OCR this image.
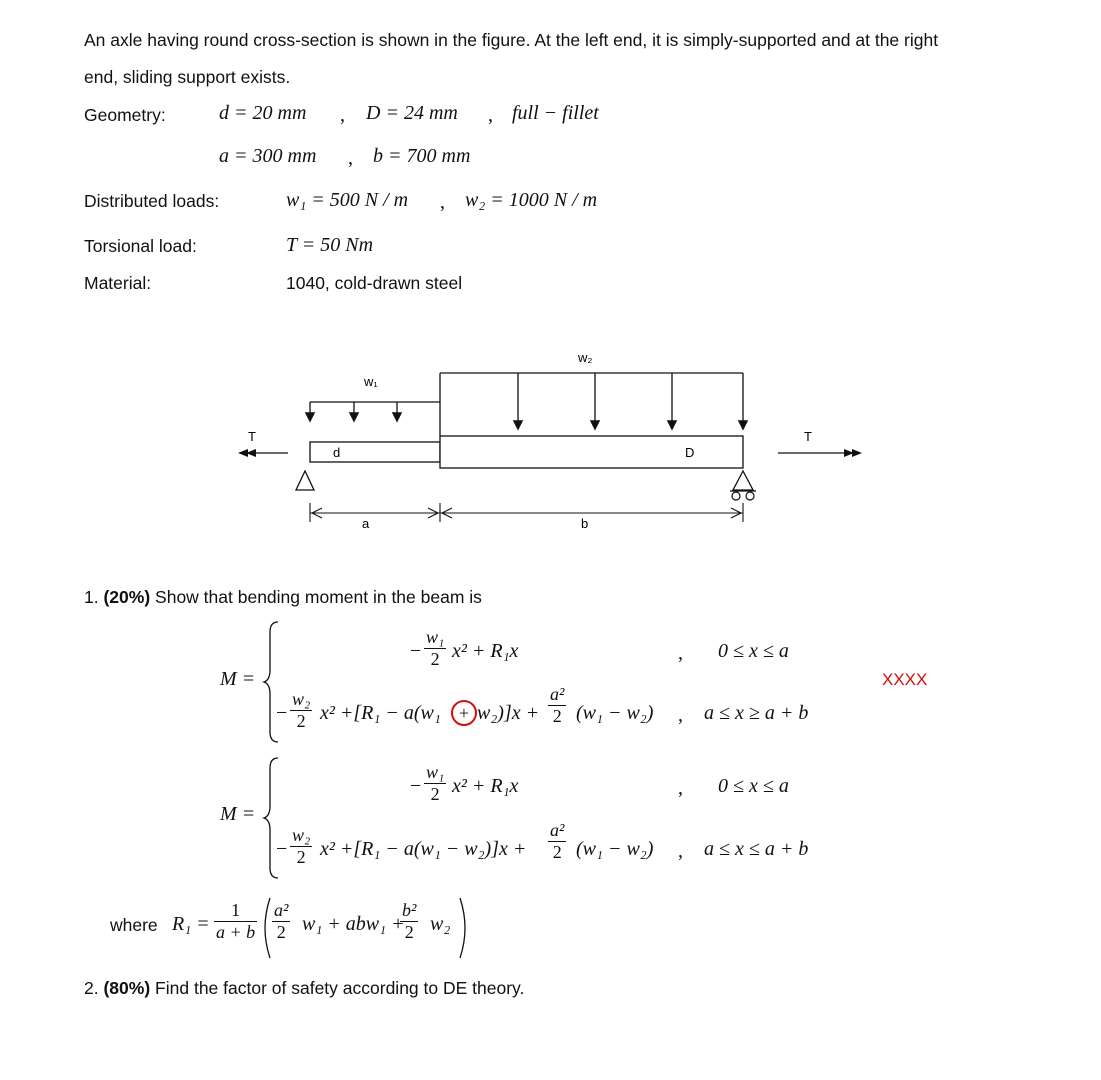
An axle having round cross-section is shown in the figure. At the left end, it is simply-supported and at the right
end, sliding support exists.
Geometry:	d = 20 mm , D = 24 mm , full − fillet
a = 300 mm , b = 700 mm
Distributed loads:	w₁ = 500 N / m , w₂ = 1000 N / m
Torsional load:	T = 50 Nm
Material:	1040, cold-drawn steel
w₁
w₂
d	D
T	T
a	b
1. (20%) Show that bending moment in the beam is
M =
− $\frac{\text{w₁}}{2} x^2 + R_1x$	, 0 ≤ x ≤ a
− $\frac{\text{w₂}}{2} x^2 +[R_1 - a(w_1$	+ $w_2)]x + \frac{\text{a²}}{2} (w_1 - w_2)$ , a ≤ x ≥ a + b
XXXX
M =
− $\frac{\text{w₁}}{2} x^2 + R_1x$	, 0 ≤ x ≤ a
− $\frac{\text{w₂}}{2} x^2 +[R_1 - a(w_1 - w_2)]x + \frac{\text{a²}}{2} (w_1 - w_2)$ , a ≤ x ≤ a + b
where $R_1 = \frac{1}{a + b} \frac{\text{a²}}{2} w_1 + abw_1$ +
$\frac{\text{b²}}{2} w_2$
2. (80%) Find the factor of safety according to DE theory.
